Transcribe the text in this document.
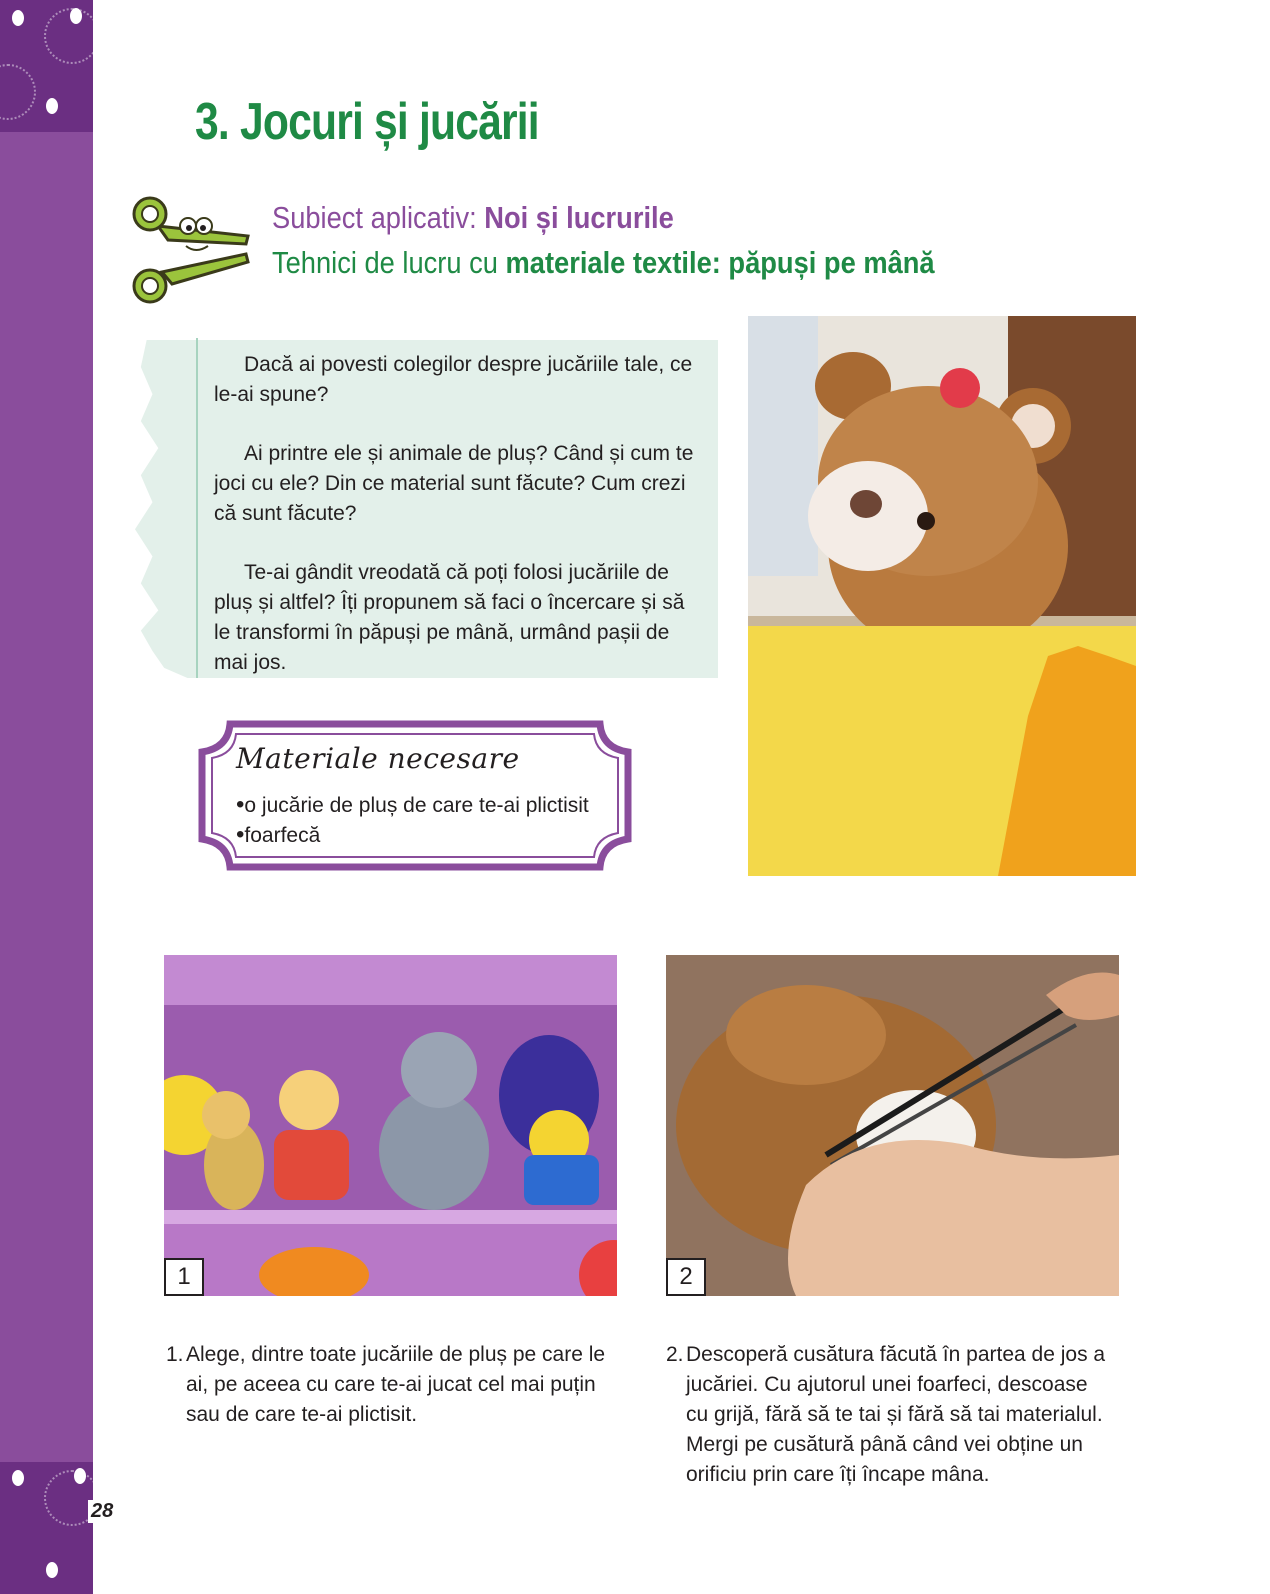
28
3. Jocuri și jucării
Subiect aplicativ: Noi și lucrurile
Tehnici de lucru cu materiale textile: păpuși pe mână

Dacă ai povesti colegilor despre jucăriile tale, ce le-ai spune?

Ai printre ele și animale de pluș? Când și cum te joci cu ele? Din ce material sunt făcute? Cum crezi că sunt făcute?

Te-ai gândit vreodată că poți folosi jucăriile de pluș și altfel? Îți propunem să faci o încercare și să le transformi în păpuși pe mână, urmând pașii de mai jos.

Materiale necesare
• o jucărie de pluș de care te-ai plictisit
• foarfecă
1	2
1. Alege, dintre toate jucăriile de pluș pe care le ai, pe aceea cu care te-ai jucat cel mai puțin sau de care te-ai plictisit.
2. Descoperă cusătura făcută în partea de jos a jucăriei. Cu ajutorul unei foarfeci, descoase cu grijă, fără să te tai și fără să tai materialul. Mergi pe cusătură până când vei obține un orificiu prin care îți încape mâna.
